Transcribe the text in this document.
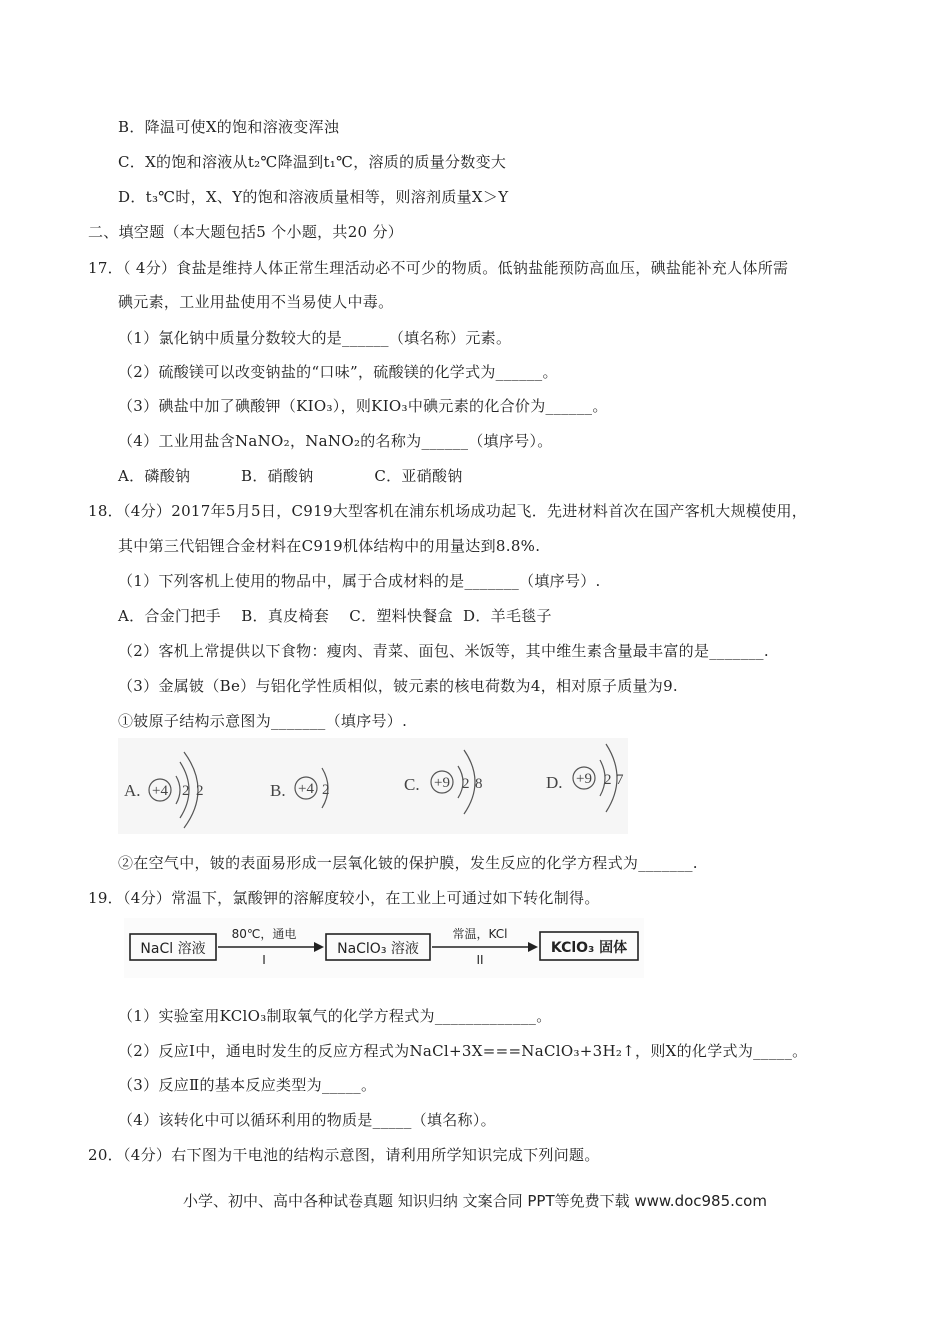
B．降温可使X的饱和溶液变浑浊
C．X的饱和溶液从t₂℃降温到t₁℃，溶质的质量分数变大
D．t₃℃时，X、Y的饱和溶液质量相等，则溶剂质量X＞Y
二、填空题（本大题包括5 个小题，共20 分）
17．（ 4分）食盐是维持人体正常生理活动必不可少的物质。低钠盐能预防高血压，碘盐能补充人体所需
碘元素，工业用盐使用不当易使人中毒。
（1）氯化钠中质量分数较大的是______（填名称）元素。
（2）硫酸镁可以改变钠盐的“口味”，硫酸镁的化学式为______。
（3）碘盐中加了碘酸钾（KIO₃），则KIO₃中碘元素的化合价为______。
（4）工业用盐含NaNO₂，NaNO₂的名称为______（填序号）。
A．磷酸钠          B．硝酸钠            C．亚硝酸钠
18．（4分）2017年5月5日，C919大型客机在浦东机场成功起飞．先进材料首次在国产客机大规模使用，
其中第三代铝锂合金材料在C919机体结构中的用量达到8.8%.
（1）下列客机上使用的物品中，属于合成材料的是_______（填序号）.
A．合金门把手    B．真皮椅套    C．塑料快餐盒  D．羊毛毯子
（2）客机上常提供以下食物：瘦肉、青菜、面包、米饭等，其中维生素含量最丰富的是_______.
（3）金属铍（Be）与铝化学性质相似，铍元素的核电荷数为4，相对原子质量为9.
①铍原子结构示意图为_______（填序号）.
A. +4 2 2	B. +4 2	C. +9 2 8	D. +9 2 7
②在空气中，铍的表面易形成一层氧化铍的保护膜，发生反应的化学方程式为_______.
19．（4分）常温下，氯酸钾的溶解度较小，在工业上可通过如下转化制得。
NaCl 溶液
80℃，通电
I
NaClO₃ 溶液
常温，KCl
II
KClO₃ 固体
（1）实验室用KClO₃制取氧气的化学方程式为_____________。
（2）反应Ⅰ中，通电时发生的反应方程式为NaCl+3X===NaClO₃+3H₂↑，则X的化学式为_____。
（3）反应Ⅱ的基本反应类型为_____。
（4）该转化中可以循环利用的物质是_____（填名称）。
20．（4分）右下图为干电池的结构示意图，请利用所学知识完成下列问题。
小学、初中、高中各种试卷真题 知识归纳 文案合同 PPT等免费下载 www.doc985.com
